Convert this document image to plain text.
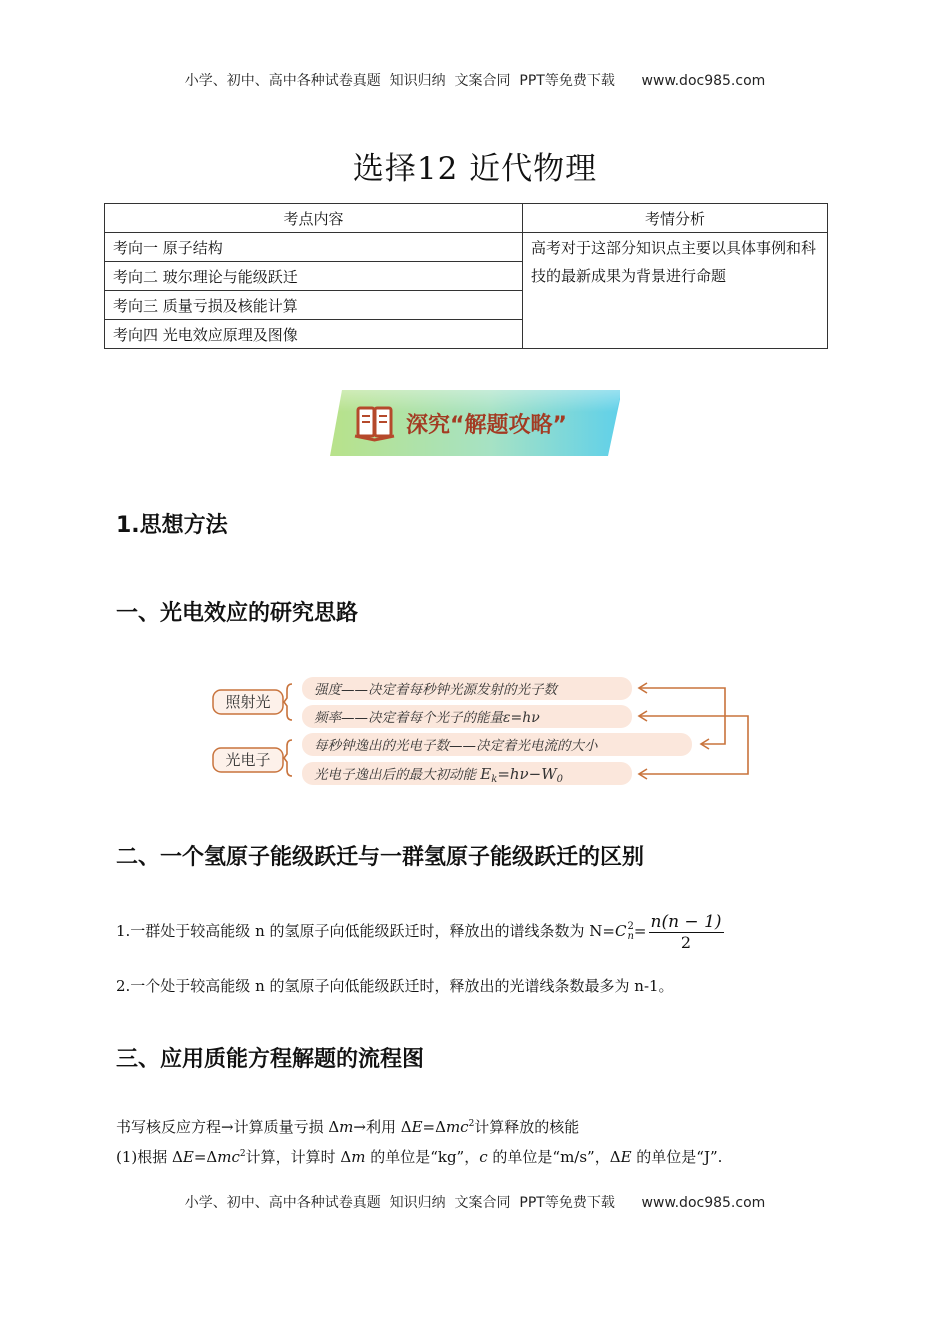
小学、初中、高中各种试卷真题  知识归纳  文案合同  PPT等免费下载      www.doc985.com
选择12 近代物理
考点内容	考情分析
考向一 原子结构	高考对于这部分知识点主要以具体事例和科技的最新成果为背景进行命题
考向二 玻尔理论与能级跃迁	
考向三 质量亏损及核能计算	
考向四 光电效应原理及图像	
深究“解题攻略”
1.思想方法
一、光电效应的研究思路
照射光
光电子
强度——决定着每秒钟光源发射的光子数
频率——决定着每个光子的能量ε=hν
每秒钟逸出的光电子数——决定着光电流的大小
光电子逸出后的最大初动能 $E_k=h\nu-W_0$
二、一个氢原子能级跃迁与一群氢原子能级跃迁的区别
1.一群处于较高能级 n 的氢原子向低能级跃迁时，释放出的谱线条数为 N=C 2
$n = \frac{n(n - 1)}{2}$
2.一个处于较高能级 n 的氢原子向低能级跃迁时，释放出的光谱线条数最多为 n-1。
三、应用质能方程解题的流程图
书写核反应方程→计算质量亏损 Δm→利用 ΔE=Δmc$^2$计算释放的核能
(1)根据 ΔE=Δmc$^2$计算，计算时 Δm 的单位是“kg”，c 的单位是“m/s”，ΔE 的单位是“J”.
小学、初中、高中各种试卷真题  知识归纳  文案合同  PPT等免费下载      www.doc985.com
